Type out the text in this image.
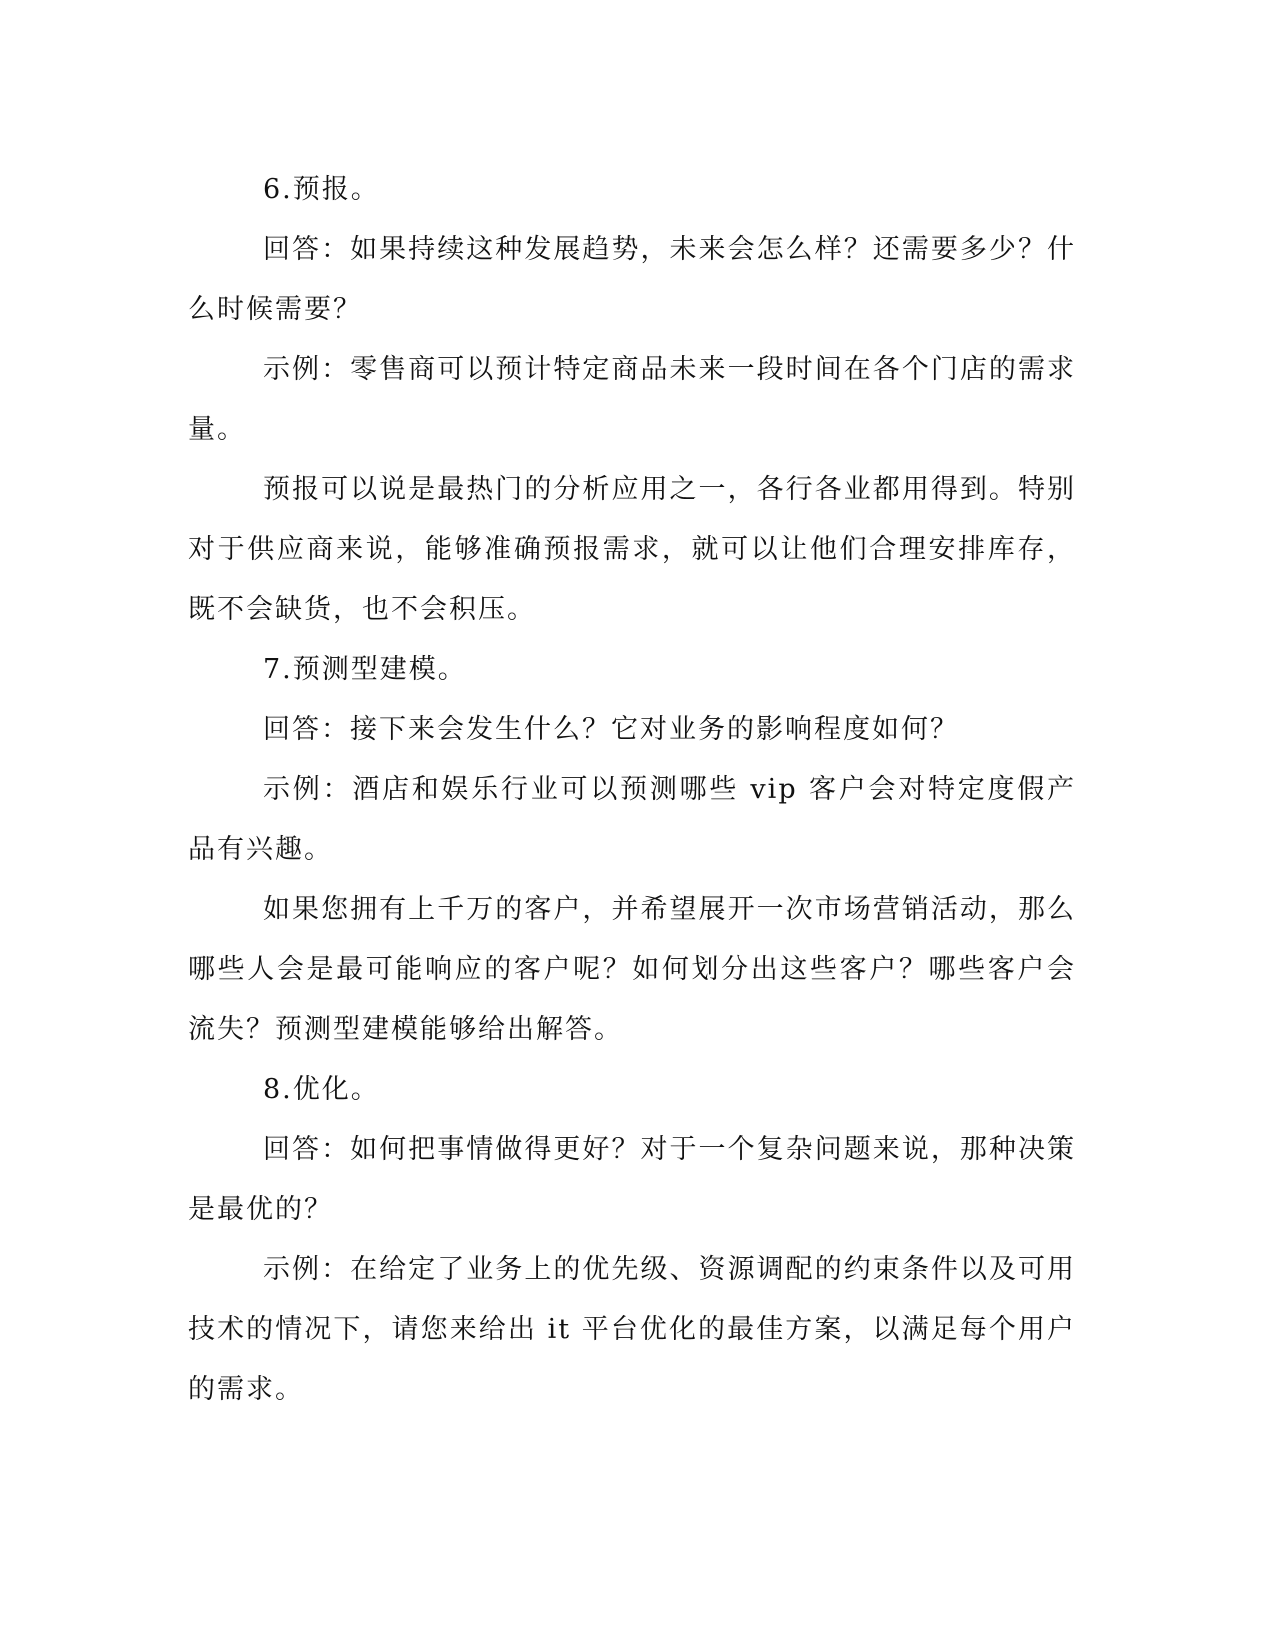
6.预报。

回答：如果持续这种发展趋势，未来会怎么样？还需要多少？什么时候需要？

示例：零售商可以预计特定商品未来一段时间在各个门店的需求量。

预报可以说是最热门的分析应用之一，各行各业都用得到。特别对于供应商来说，能够准确预报需求，就可以让他们合理安排库存，既不会缺货，也不会积压。

7.预测型建模。

回答：接下来会发生什么？它对业务的影响程度如何？

示例：酒店和娱乐行业可以预测哪些 vip 客户会对特定度假产品有兴趣。

如果您拥有上千万的客户，并希望展开一次市场营销活动，那么哪些人会是最可能响应的客户呢？如何划分出这些客户？哪些客户会流失？预测型建模能够给出解答。

8.优化。

回答：如何把事情做得更好？对于一个复杂问题来说，那种决策是最优的？

示例：在给定了业务上的优先级、资源调配的约束条件以及可用技术的情况下，请您来给出 it 平台优化的最佳方案，以满足每个用户的需求。
